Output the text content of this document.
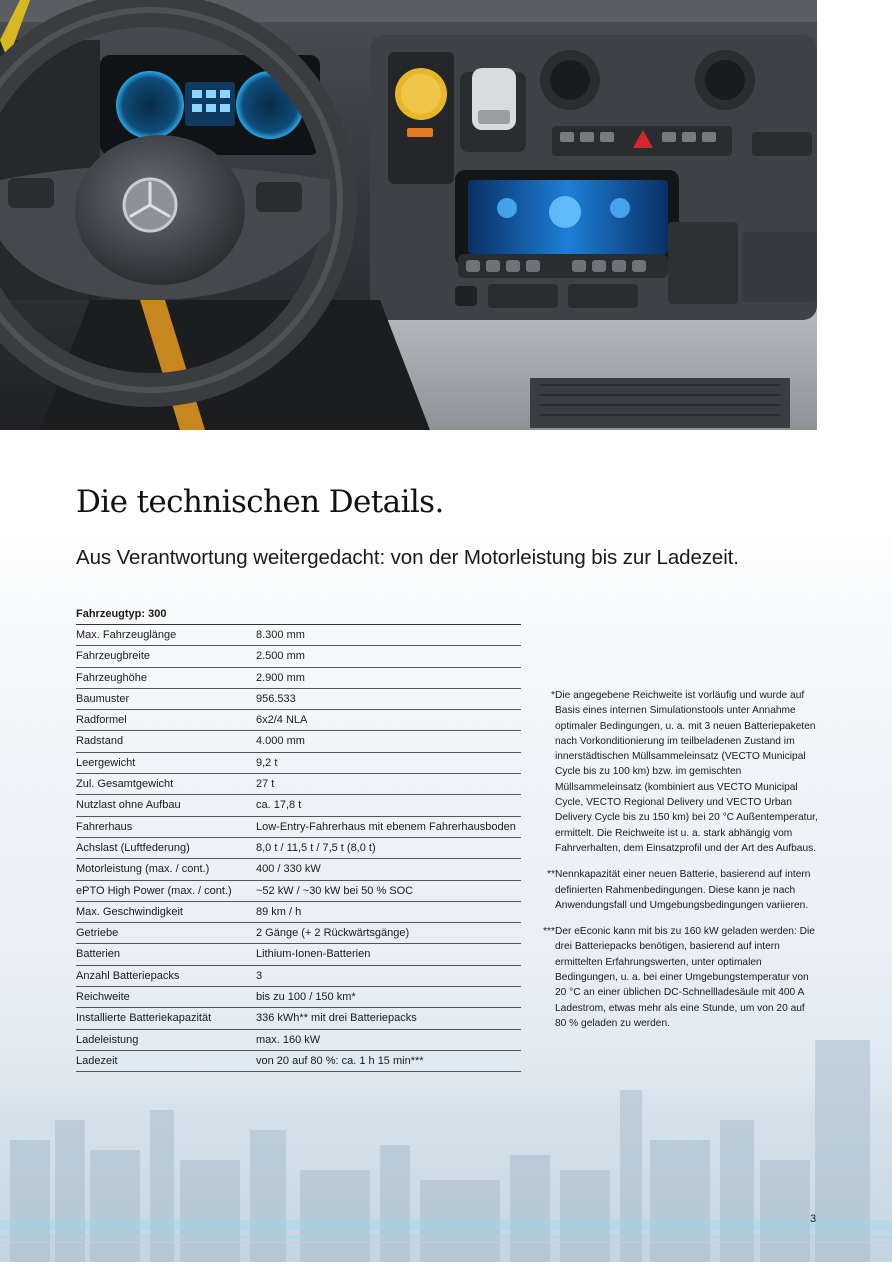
Die technischen Details.

Aus Verantwortung weitergedacht: von der Motorleistung bis zur Ladezeit.

Fahrzeugtyp: 300
Max. Fahrzeuglänge	8.300 mm
Fahrzeugbreite	2.500 mm
Fahrzeughöhe	2.900 mm
Baumuster	956.533
Radformel	6x2/4 NLA
Radstand	4.000 mm
Leergewicht	9,2 t
Zul. Gesamtgewicht	27 t
Nutzlast ohne Aufbau	ca. 17,8 t
Fahrerhaus	Low-Entry-Fahrerhaus mit ebenem Fahrerhausboden
Achslast (Luftfederung)	8,0 t / 11,5 t / 7,5 t (8,0 t)
Motorleistung (max. / cont.)	400 / 330 kW
ePTO High Power (max. / cont.)	~52 kW / ~30 kW bei 50 % SOC
Max. Geschwindigkeit	89 km / h
Getriebe	2 Gänge (+ 2 Rückwärtsgänge)
Batterien	Lithium-Ionen-Batterien
Anzahl Batteriepacks	3
Reichweite	bis zu 100 / 150 km*
Installierte Batteriekapazität	336 kWh** mit drei Batteriepacks
Ladeleistung	max. 160 kW
Ladezeit	von 20 auf 80 %: ca. 1 h 15 min***
* Die angegebene Reichweite ist vorläufig und wurde auf Basis eines internen Simulationstools unter Annahme optimaler Bedingungen, u. a. mit 3 neuen Batteriepaketen nach Vorkonditionierung im teilbeladenen Zustand im innerstädtischen Müllsammeleinsatz (VECTO Municipal Cycle bis zu 100 km) bzw. im gemischten Müllsammeleinsatz (kombiniert aus VECTO Municipal Cycle, VECTO Regional Delivery und VECTO Urban Delivery Cycle bis zu 150 km) bei 20 °C Außentemperatur, ermittelt. Die Reichweite ist u. a. stark abhängig vom Fahrverhalten, dem Einsatzprofil und der Art des Aufbaus.
** Nennkapazität einer neuen Batterie, basierend auf intern definierten Rahmenbedingungen. Diese kann je nach Anwendungsfall und Umgebungsbedingungen variieren.
*** Der eEconic kann mit bis zu 160 kW geladen werden: Die drei Batteriepacks benötigen, basierend auf intern ermittelten Erfahrungswerten, unter optimalen Bedingungen, u. a. bei einer Umgebungstemperatur von 20 °C an einer üblichen DC-Schnellladesäule mit 400 A Ladestrom, etwas mehr als eine Stunde, um von 20 auf 80 % geladen zu werden.
3
